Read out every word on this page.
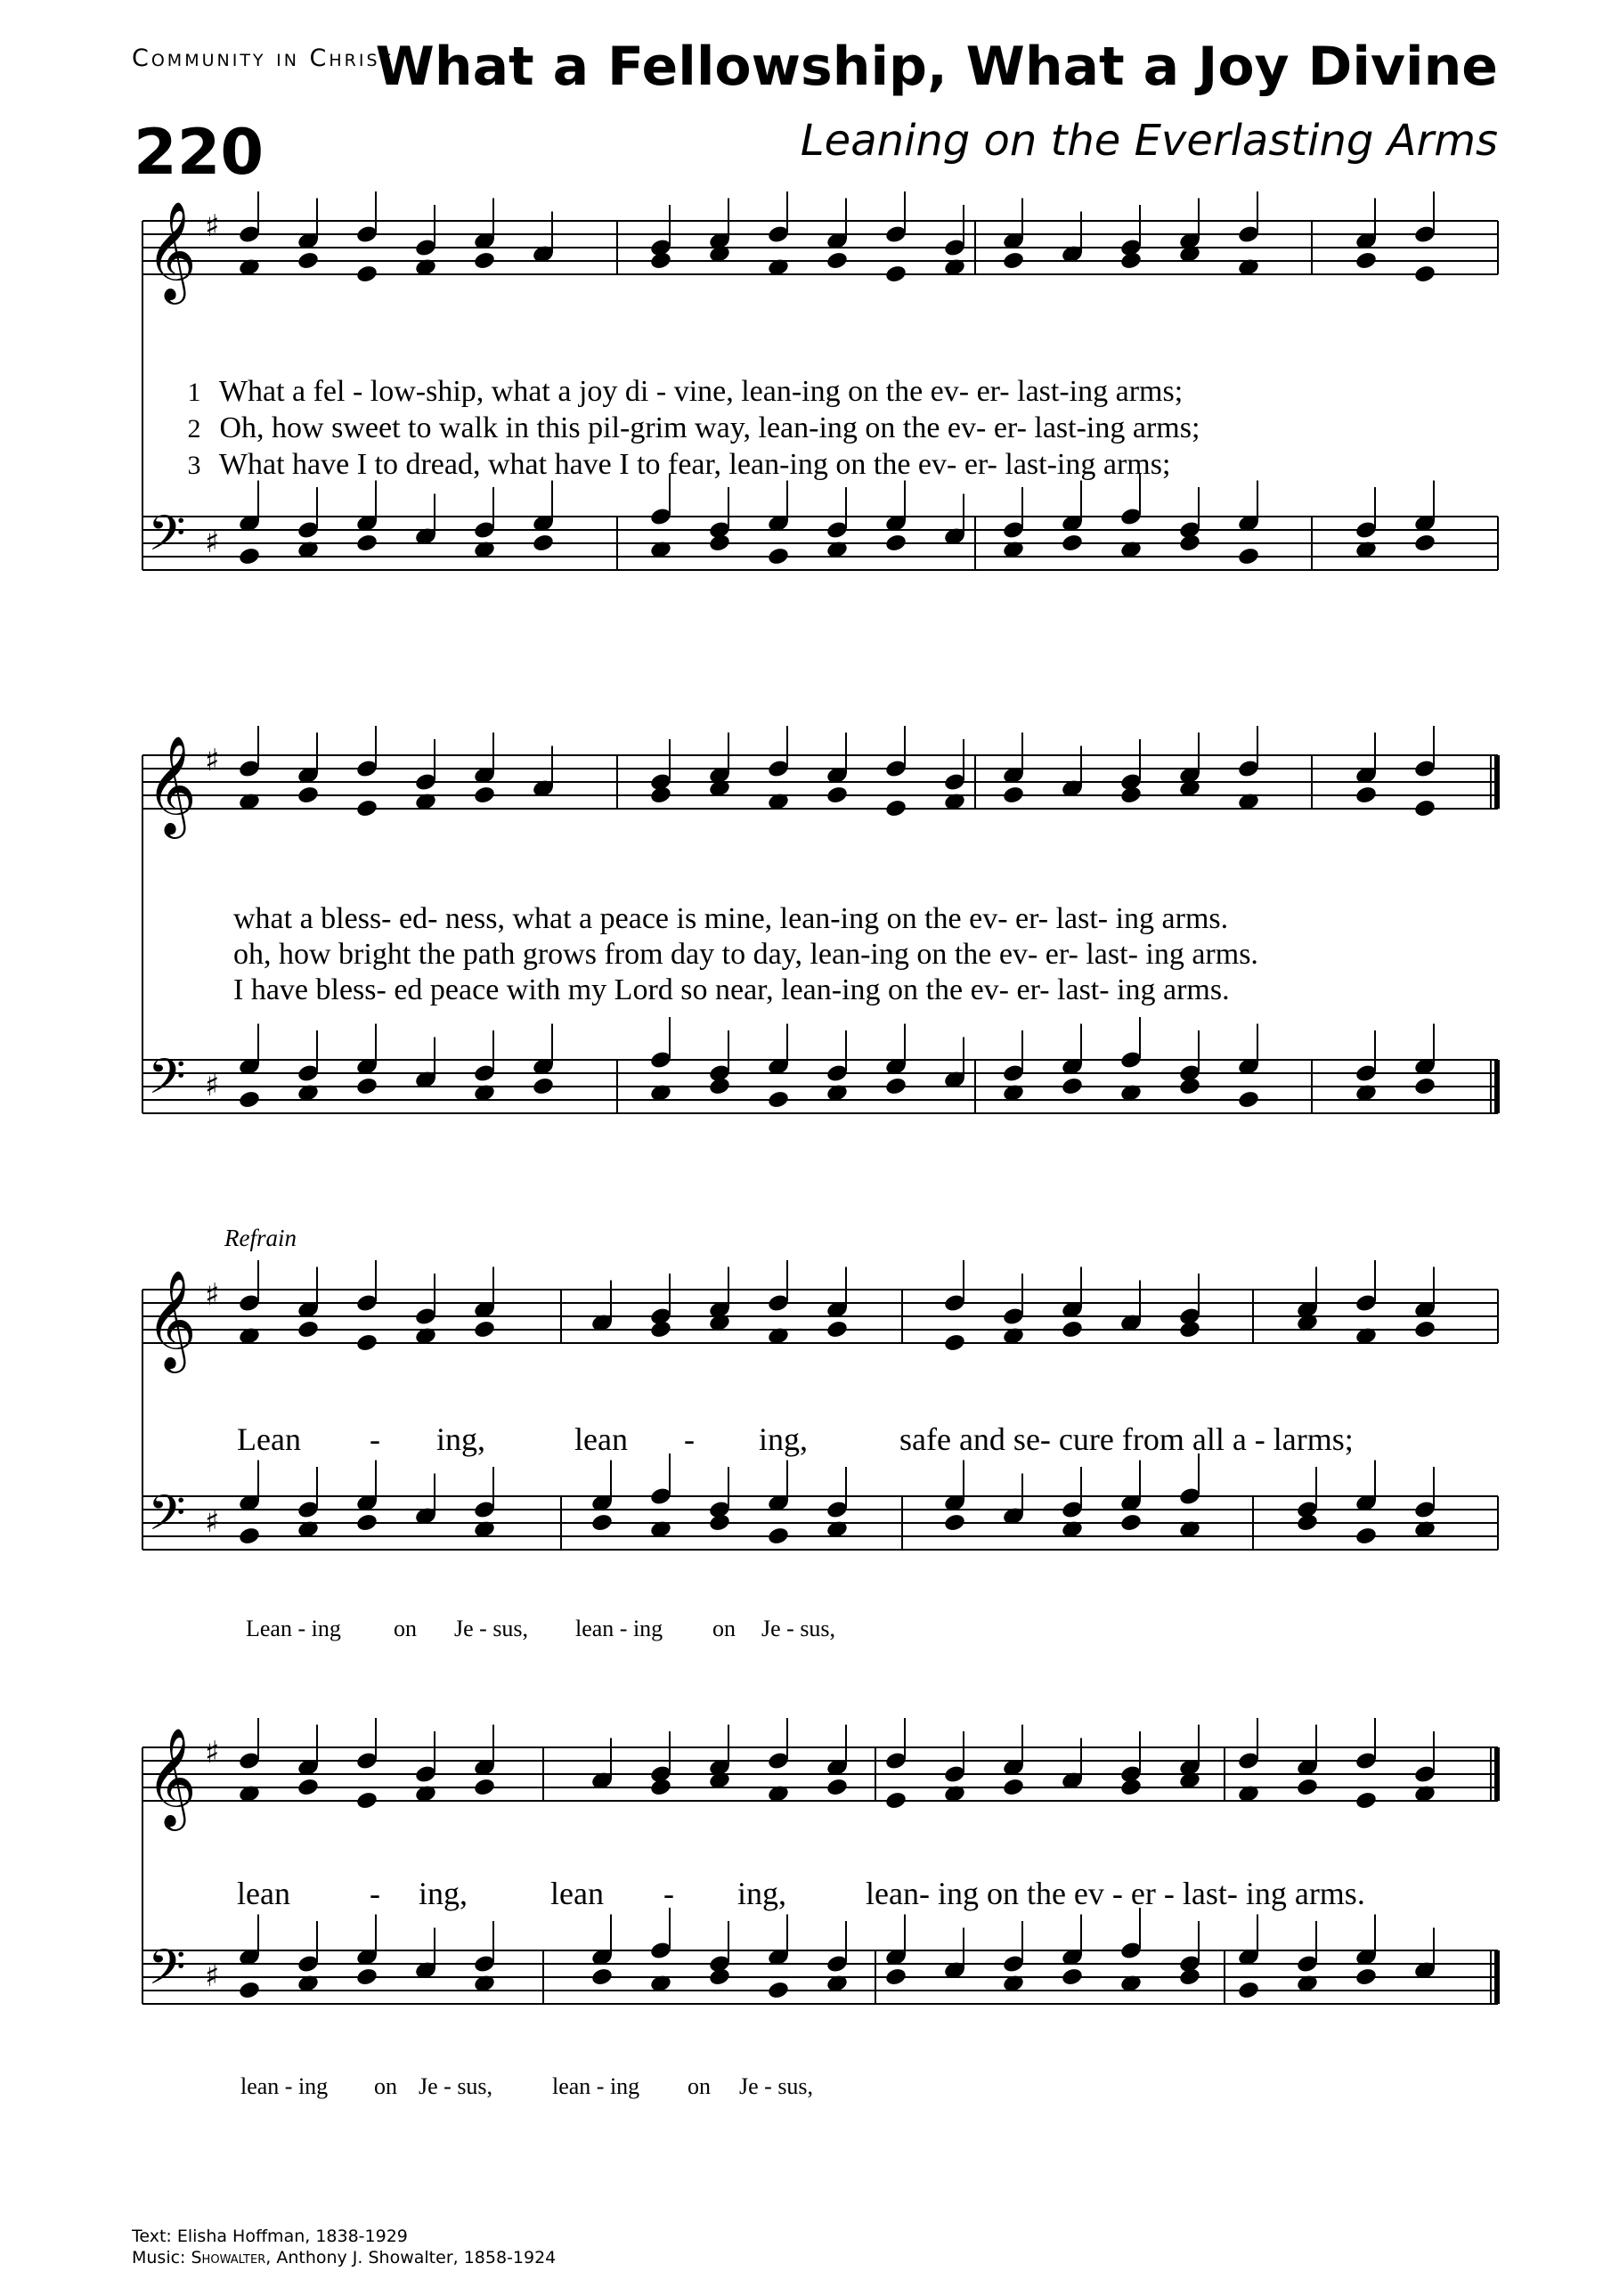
Community in Christ
220
What a Fellowship, What a Joy Divine
Leaning on the Everlasting Arms
𝄞 ♯
𝄢 ♯
𝄞 ♯
𝄢 ♯
𝄞 ♯
𝄢 ♯
𝄞 ♯
𝄢 ♯
1 What a fel - low-ship, what a joy di - vine, lean-ing on the ev- er- last-ing arms;
2 Oh, how sweet to walk in this pil-grim way, lean-ing on the ev- er- last-ing arms;
3 What have I to dread, what have I to fear, lean-ing on the ev- er- last-ing arms;
what a bless- ed- ness, what a peace is mine, lean-ing on the ev- er- last- ing arms.
oh, how bright the path grows from day to day, lean-ing on the ev- er- last- ing arms.
I have bless- ed peace with my Lord so near, lean-ing on the ev- er- last- ing arms.
Refrain
Lean - ing,	lean - ing,	safe and se- cure from all a - larms;
Lean - ing on Je - sus, lean - ing on Je - sus,
lean - ing,	lean - ing, lean- ing on the ev - er - last- ing arms.
lean - ing on Je - sus,	lean - ing on Je - sus,
Text: Elisha Hoffman, 1838-1929
Music: Showalter, Anthony J. Showalter, 1858-1924
